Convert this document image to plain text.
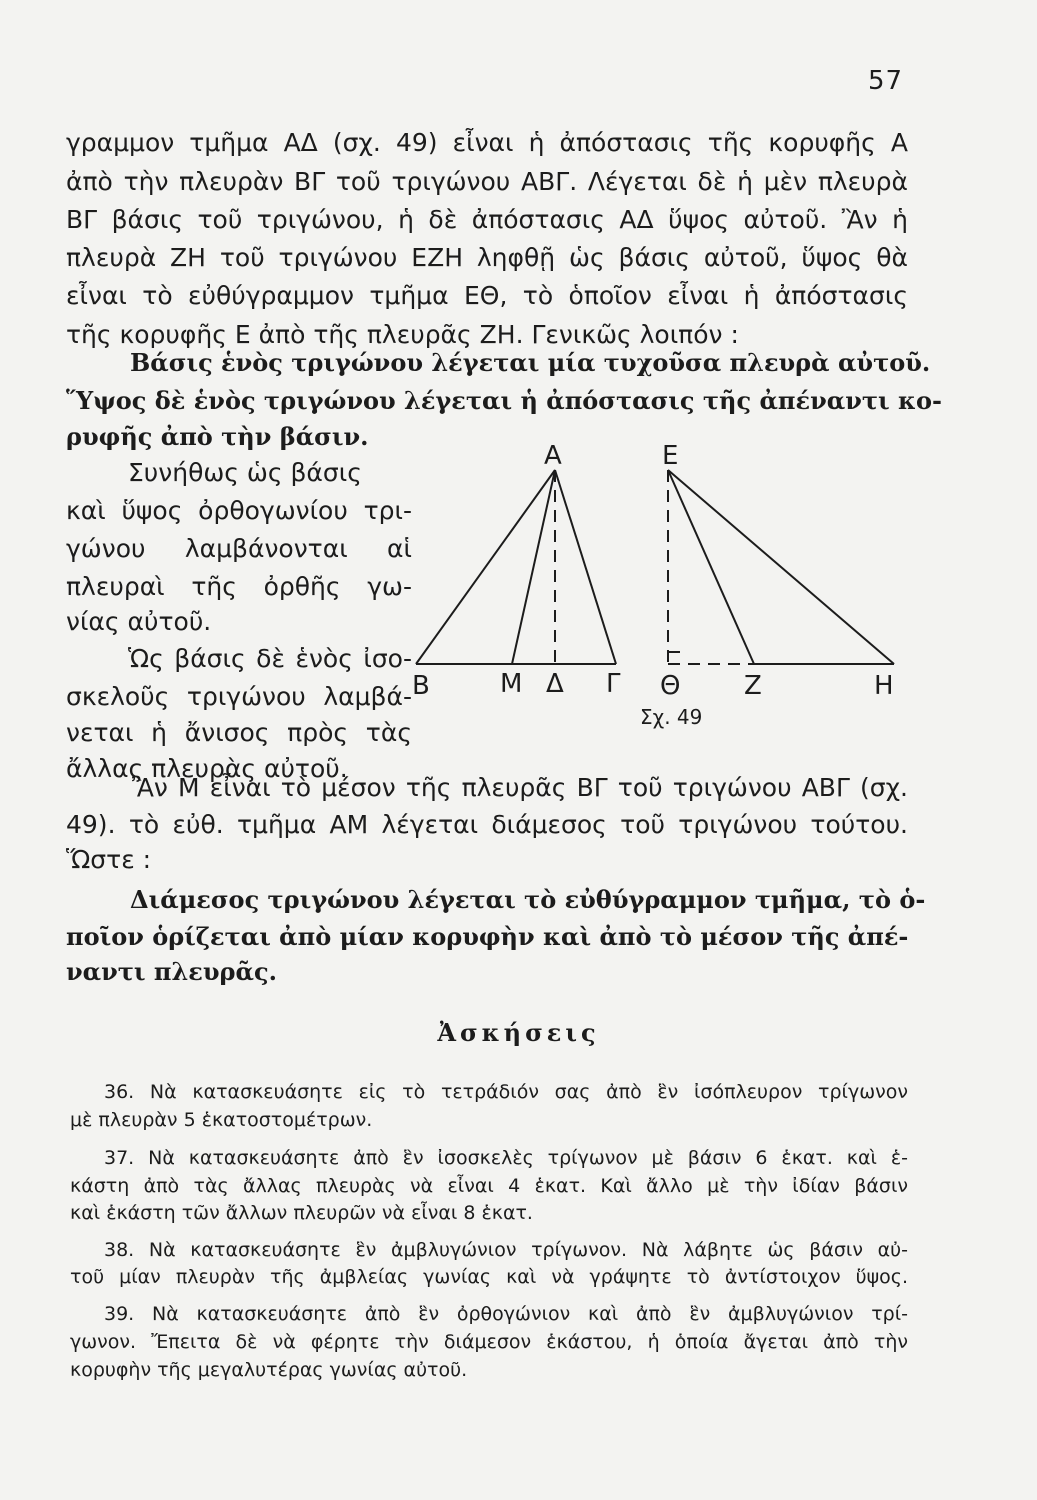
57
γραμμον τμῆμα ΑΔ (σχ. 49) εἶναι ἡ ἀπόστασις τῆς κορυφῆς Α
ἀπὸ τὴν πλευρὰν ΒΓ τοῦ τριγώνου ΑΒΓ. Λέγεται δὲ ἡ μὲν πλευρὰ
ΒΓ βάσις τοῦ τριγώνου, ἡ δὲ ἀπόστασις ΑΔ ὕψος αὐτοῦ. Ἂν ἡ
πλευρὰ ΖΗ τοῦ τριγώνου ΕΖΗ ληφθῇ ὡς βάσις αὐτοῦ, ὕψος θὰ
εἶναι τὸ εὐθύγραμμον τμῆμα ΕΘ, τὸ ὁποῖον εἶναι ἡ ἀπόστασις
τῆς κορυφῆς Ε ἀπὸ τῆς πλευρᾶς ΖΗ. Γενικῶς λοιπόν :
Βάσις ἑνὸς τριγώνου λέγεται μία τυχοῦσα πλευρὰ αὐτοῦ.
Ὕψος δὲ ἑνὸς τριγώνου λέγεται ἡ ἀπόστασις τῆς ἀπέναντι κο-
ρυφῆς ἀπὸ τὴν βάσιν.
Συνήθως ὡς βάσις
καὶ ὕψος ὀρθογωνίου τρι-
γώνου λαμβάνονται αἱ
πλευραὶ τῆς ὀρθῆς γω-
νίας αὐτοῦ.
Ὡς βάσις δὲ ἑνὸς ἰσο-
σκελοῦς τριγώνου λαμβά-
νεται ἡ ἄνισος πρὸς τὰς
ἄλλας πλευρὰς αὐτοῦ.
Α	Ε
Β	Μ Δ Γ Θ Ζ	Η
Σχ. 49
Ἂν Μ εἶναι τὸ μέσον τῆς πλευρᾶς ΒΓ τοῦ τριγώνου ΑΒΓ (σχ.
49). τὸ εὐθ. τμῆμα ΑΜ λέγεται διάμεσος τοῦ τριγώνου τούτου.
Ὥστε :
Διάμεσος τριγώνου λέγεται τὸ εὐθύγραμμον τμῆμα, τὸ ὁ-
ποῖον ὁρίζεται ἀπὸ μίαν κορυφὴν καὶ ἀπὸ τὸ μέσον τῆς ἀπέ-
ναντι πλευρᾶς.
Ἀσκήσεις
36. Νὰ κατασκευάσητε εἰς τὸ τετράδιόν σας ἀπὸ ἓν ἰσόπλευρον τρίγωνον
μὲ πλευρὰν 5 ἑκατοστομέτρων.
37. Νὰ κατασκευάσητε ἀπὸ ἓν ἰσοσκελὲς τρίγωνον μὲ βάσιν 6 ἑκατ. καὶ ἑ-
κάστη ἀπὸ τὰς ἄλλας πλευρὰς νὰ εἶναι 4 ἑκατ. Καὶ ἄλλο μὲ τὴν ἰδίαν βάσιν
καὶ ἑκάστη τῶν ἄλλων πλευρῶν νὰ εἶναι 8 ἑκατ.
38. Νὰ κατασκευάσητε ἓν ἀμβλυγώνιον τρίγωνον. Νὰ λάβητε ὡς βάσιν αὐ-
τοῦ μίαν πλευρὰν τῆς ἀμβλείας γωνίας καὶ νὰ γράψητε τὸ ἀντίστοιχον ὕψος.
39. Νὰ κατασκευάσητε ἀπὸ ἓν ὀρθογώνιον καὶ ἀπὸ ἓν ἀμβλυγώνιον τρί-
γωνον. Ἔπειτα δὲ νὰ φέρητε τὴν διάμεσον ἑκάστου, ἡ ὁποία ἄγεται ἀπὸ τὴν
κορυφὴν τῆς μεγαλυτέρας γωνίας αὐτοῦ.
